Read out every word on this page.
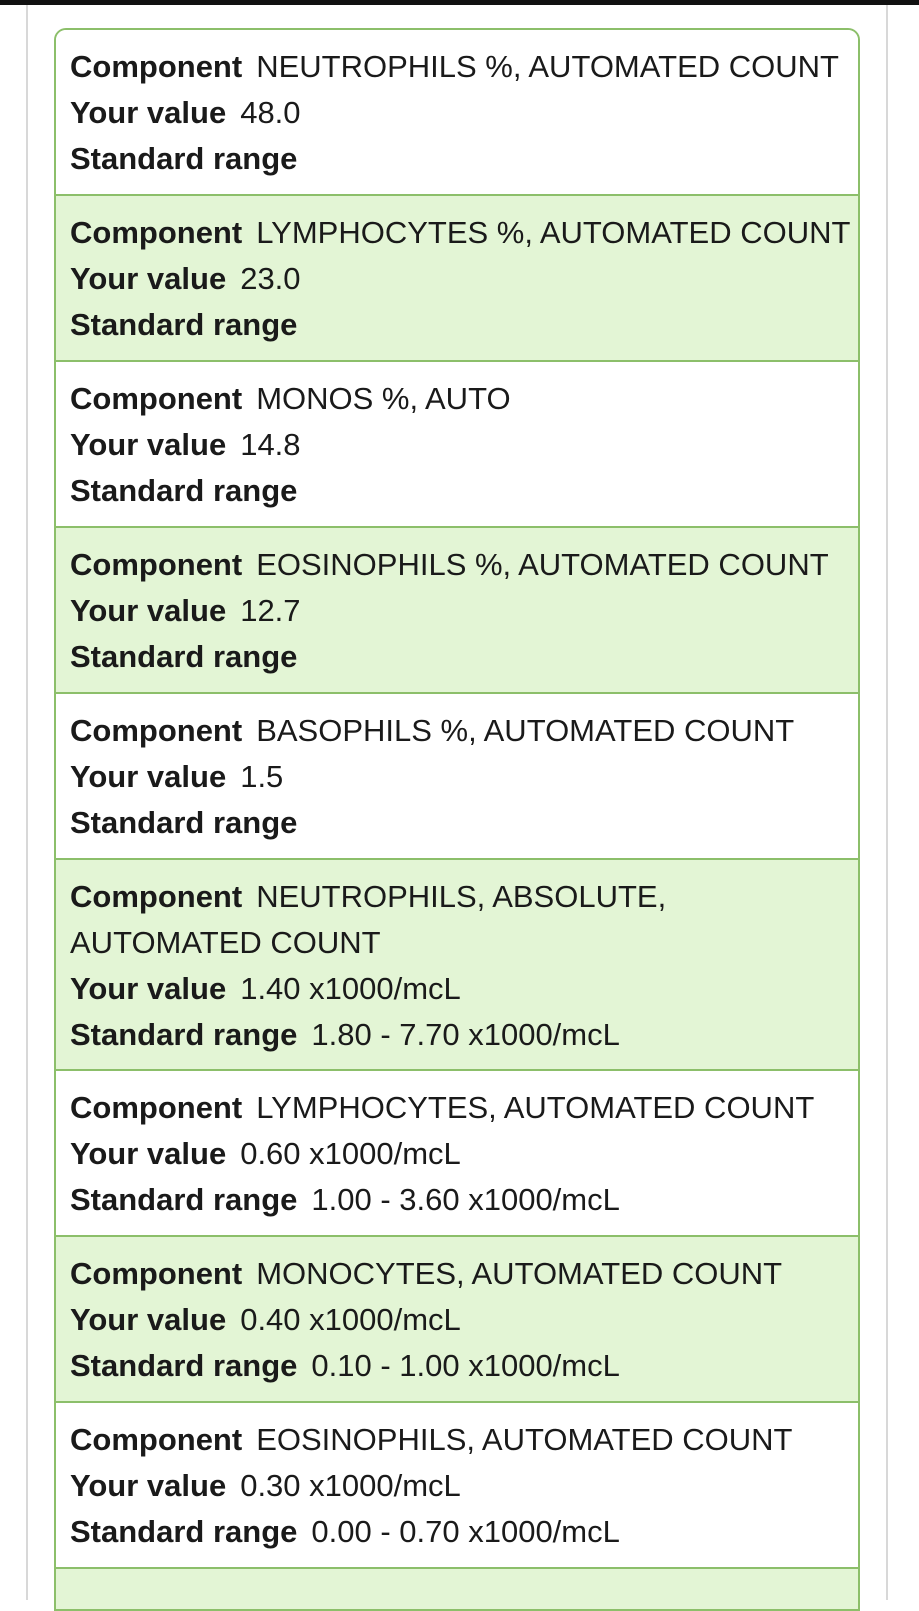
Component NEUTROPHILS %, AUTOMATED COUNT
Your value 48.0
Standard range
Component LYMPHOCYTES %, AUTOMATED COUNT
Your value 23.0
Standard range
Component MONOS %, AUTO
Your value 14.8
Standard range
Component EOSINOPHILS %, AUTOMATED COUNT
Your value 12.7
Standard range
Component BASOPHILS %, AUTOMATED COUNT
Your value 1.5
Standard range
Component NEUTROPHILS, ABSOLUTE, AUTOMATED COUNT
Your value 1.40 x1000/mcL
Standard range 1.80 - 7.70 x1000/mcL
Component LYMPHOCYTES, AUTOMATED COUNT
Your value 0.60 x1000/mcL
Standard range 1.00 - 3.60 x1000/mcL
Component MONOCYTES, AUTOMATED COUNT
Your value 0.40 x1000/mcL
Standard range 0.10 - 1.00 x1000/mcL
Component EOSINOPHILS, AUTOMATED COUNT
Your value 0.30 x1000/mcL
Standard range 0.00 - 0.70 x1000/mcL
